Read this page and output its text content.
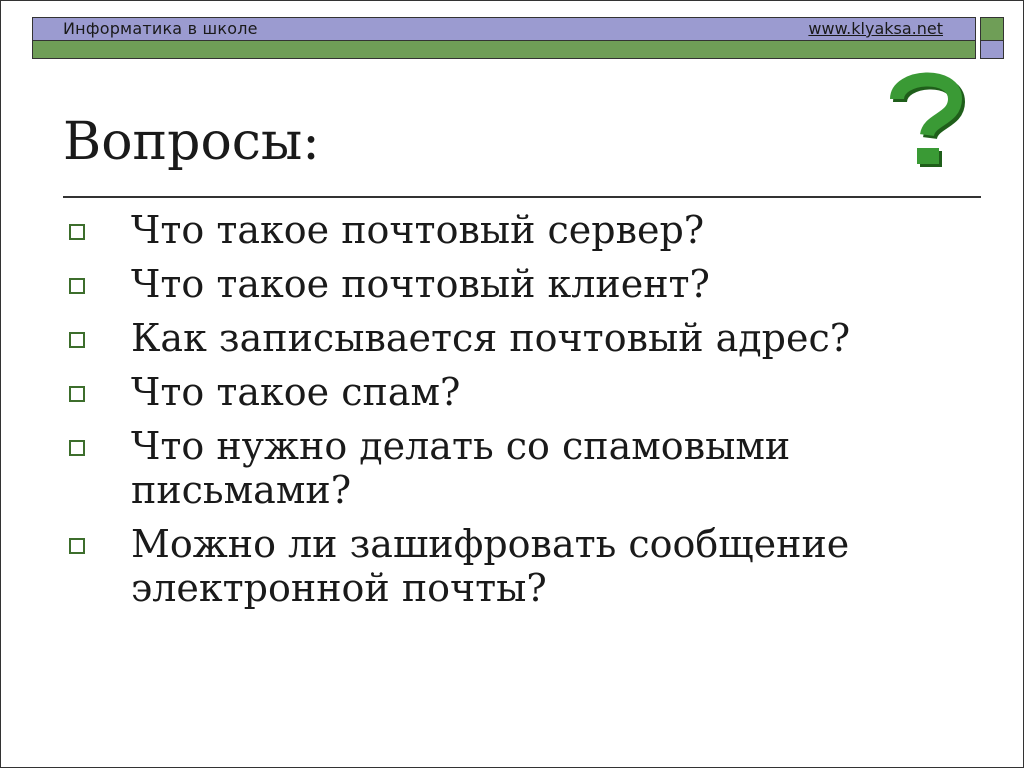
Информатика в школе	www.klyaksa.net
Вопросы:
Что такое почтовый сервер?
Что такое почтовый клиент?
Как записывается почтовый адрес?
Что такое спам?
Что нужно делать со спамовыми письмами?
Можно ли зашифровать сообщение электронной почты?
